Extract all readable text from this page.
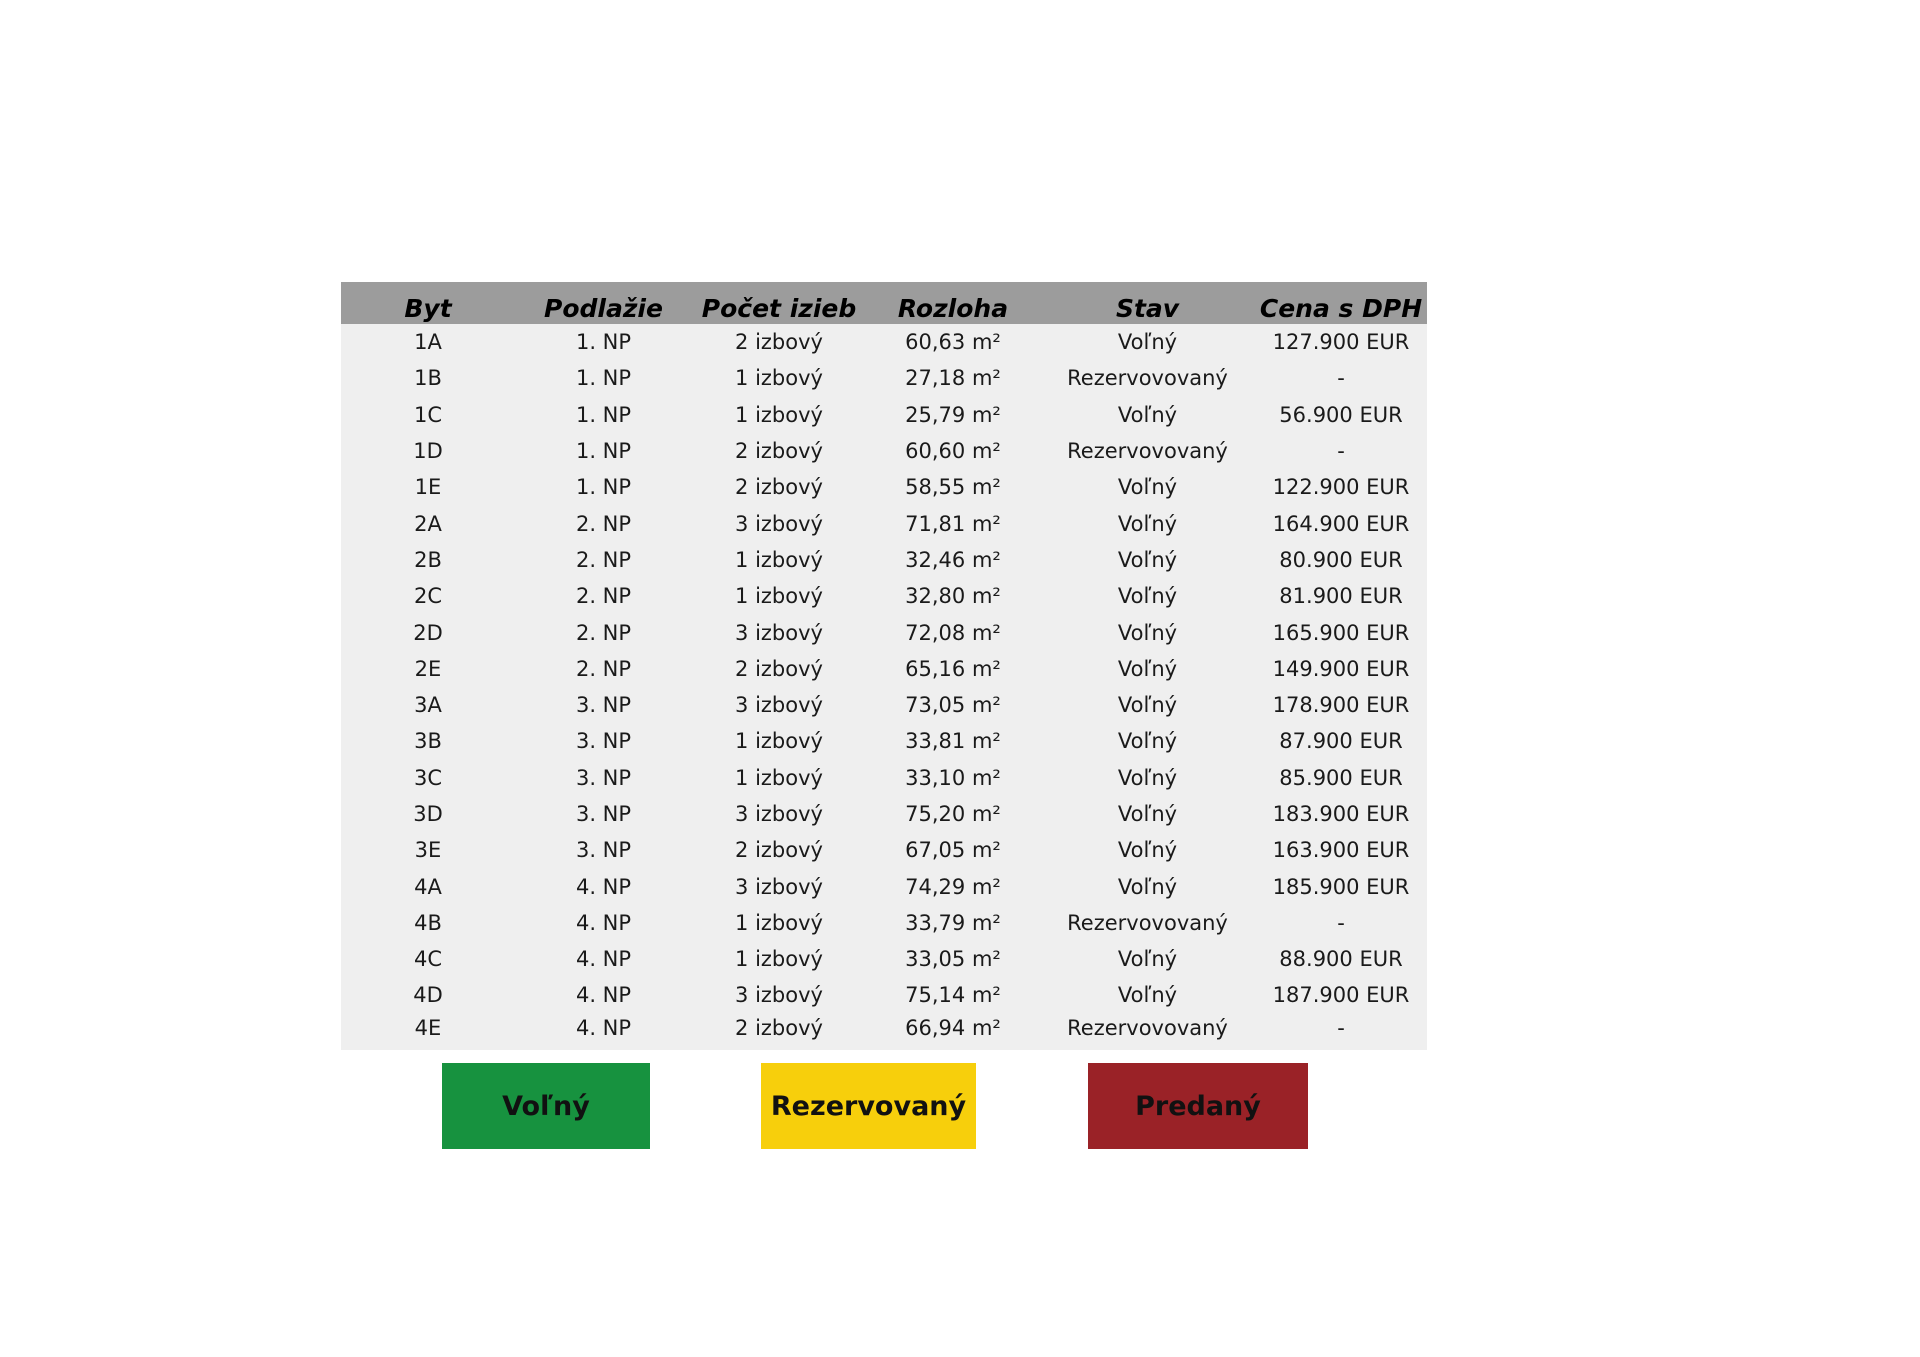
Byt	Podlažie	Počet izieb	Rozloha	Stav	Cena s DPH
1A	1. NP	2 izbový	60,63 m²	Voľný	127.900 EUR
1B	1. NP	1 izbový	27,18 m²	Rezervovovaný	-
1C	1. NP	1 izbový	25,79 m²	Voľný	56.900 EUR
1D	1. NP	2 izbový	60,60 m²	Rezervovovaný	-
1E	1. NP	2 izbový	58,55 m²	Voľný	122.900 EUR
2A	2. NP	3 izbový	71,81 m²	Voľný	164.900 EUR
2B	2. NP	1 izbový	32,46 m²	Voľný	80.900 EUR
2C	2. NP	1 izbový	32,80 m²	Voľný	81.900 EUR
2D	2. NP	3 izbový	72,08 m²	Voľný	165.900 EUR
2E	2. NP	2 izbový	65,16 m²	Voľný	149.900 EUR
3A	3. NP	3 izbový	73,05 m²	Voľný	178.900 EUR
3B	3. NP	1 izbový	33,81 m²	Voľný	87.900 EUR
3C	3. NP	1 izbový	33,10 m²	Voľný	85.900 EUR
3D	3. NP	3 izbový	75,20 m²	Voľný	183.900 EUR
3E	3. NP	2 izbový	67,05 m²	Voľný	163.900 EUR
4A	4. NP	3 izbový	74,29 m²	Voľný	185.900 EUR
4B	4. NP	1 izbový	33,79 m²	Rezervovovaný	-
4C	4. NP	1 izbový	33,05 m²	Voľný	88.900 EUR
4D	4. NP	3 izbový	75,14 m²	Voľný	187.900 EUR
4E	4. NP	2 izbový	66,94 m²	Rezervovovaný	-
Voľný	Rezervovaný	Predaný
